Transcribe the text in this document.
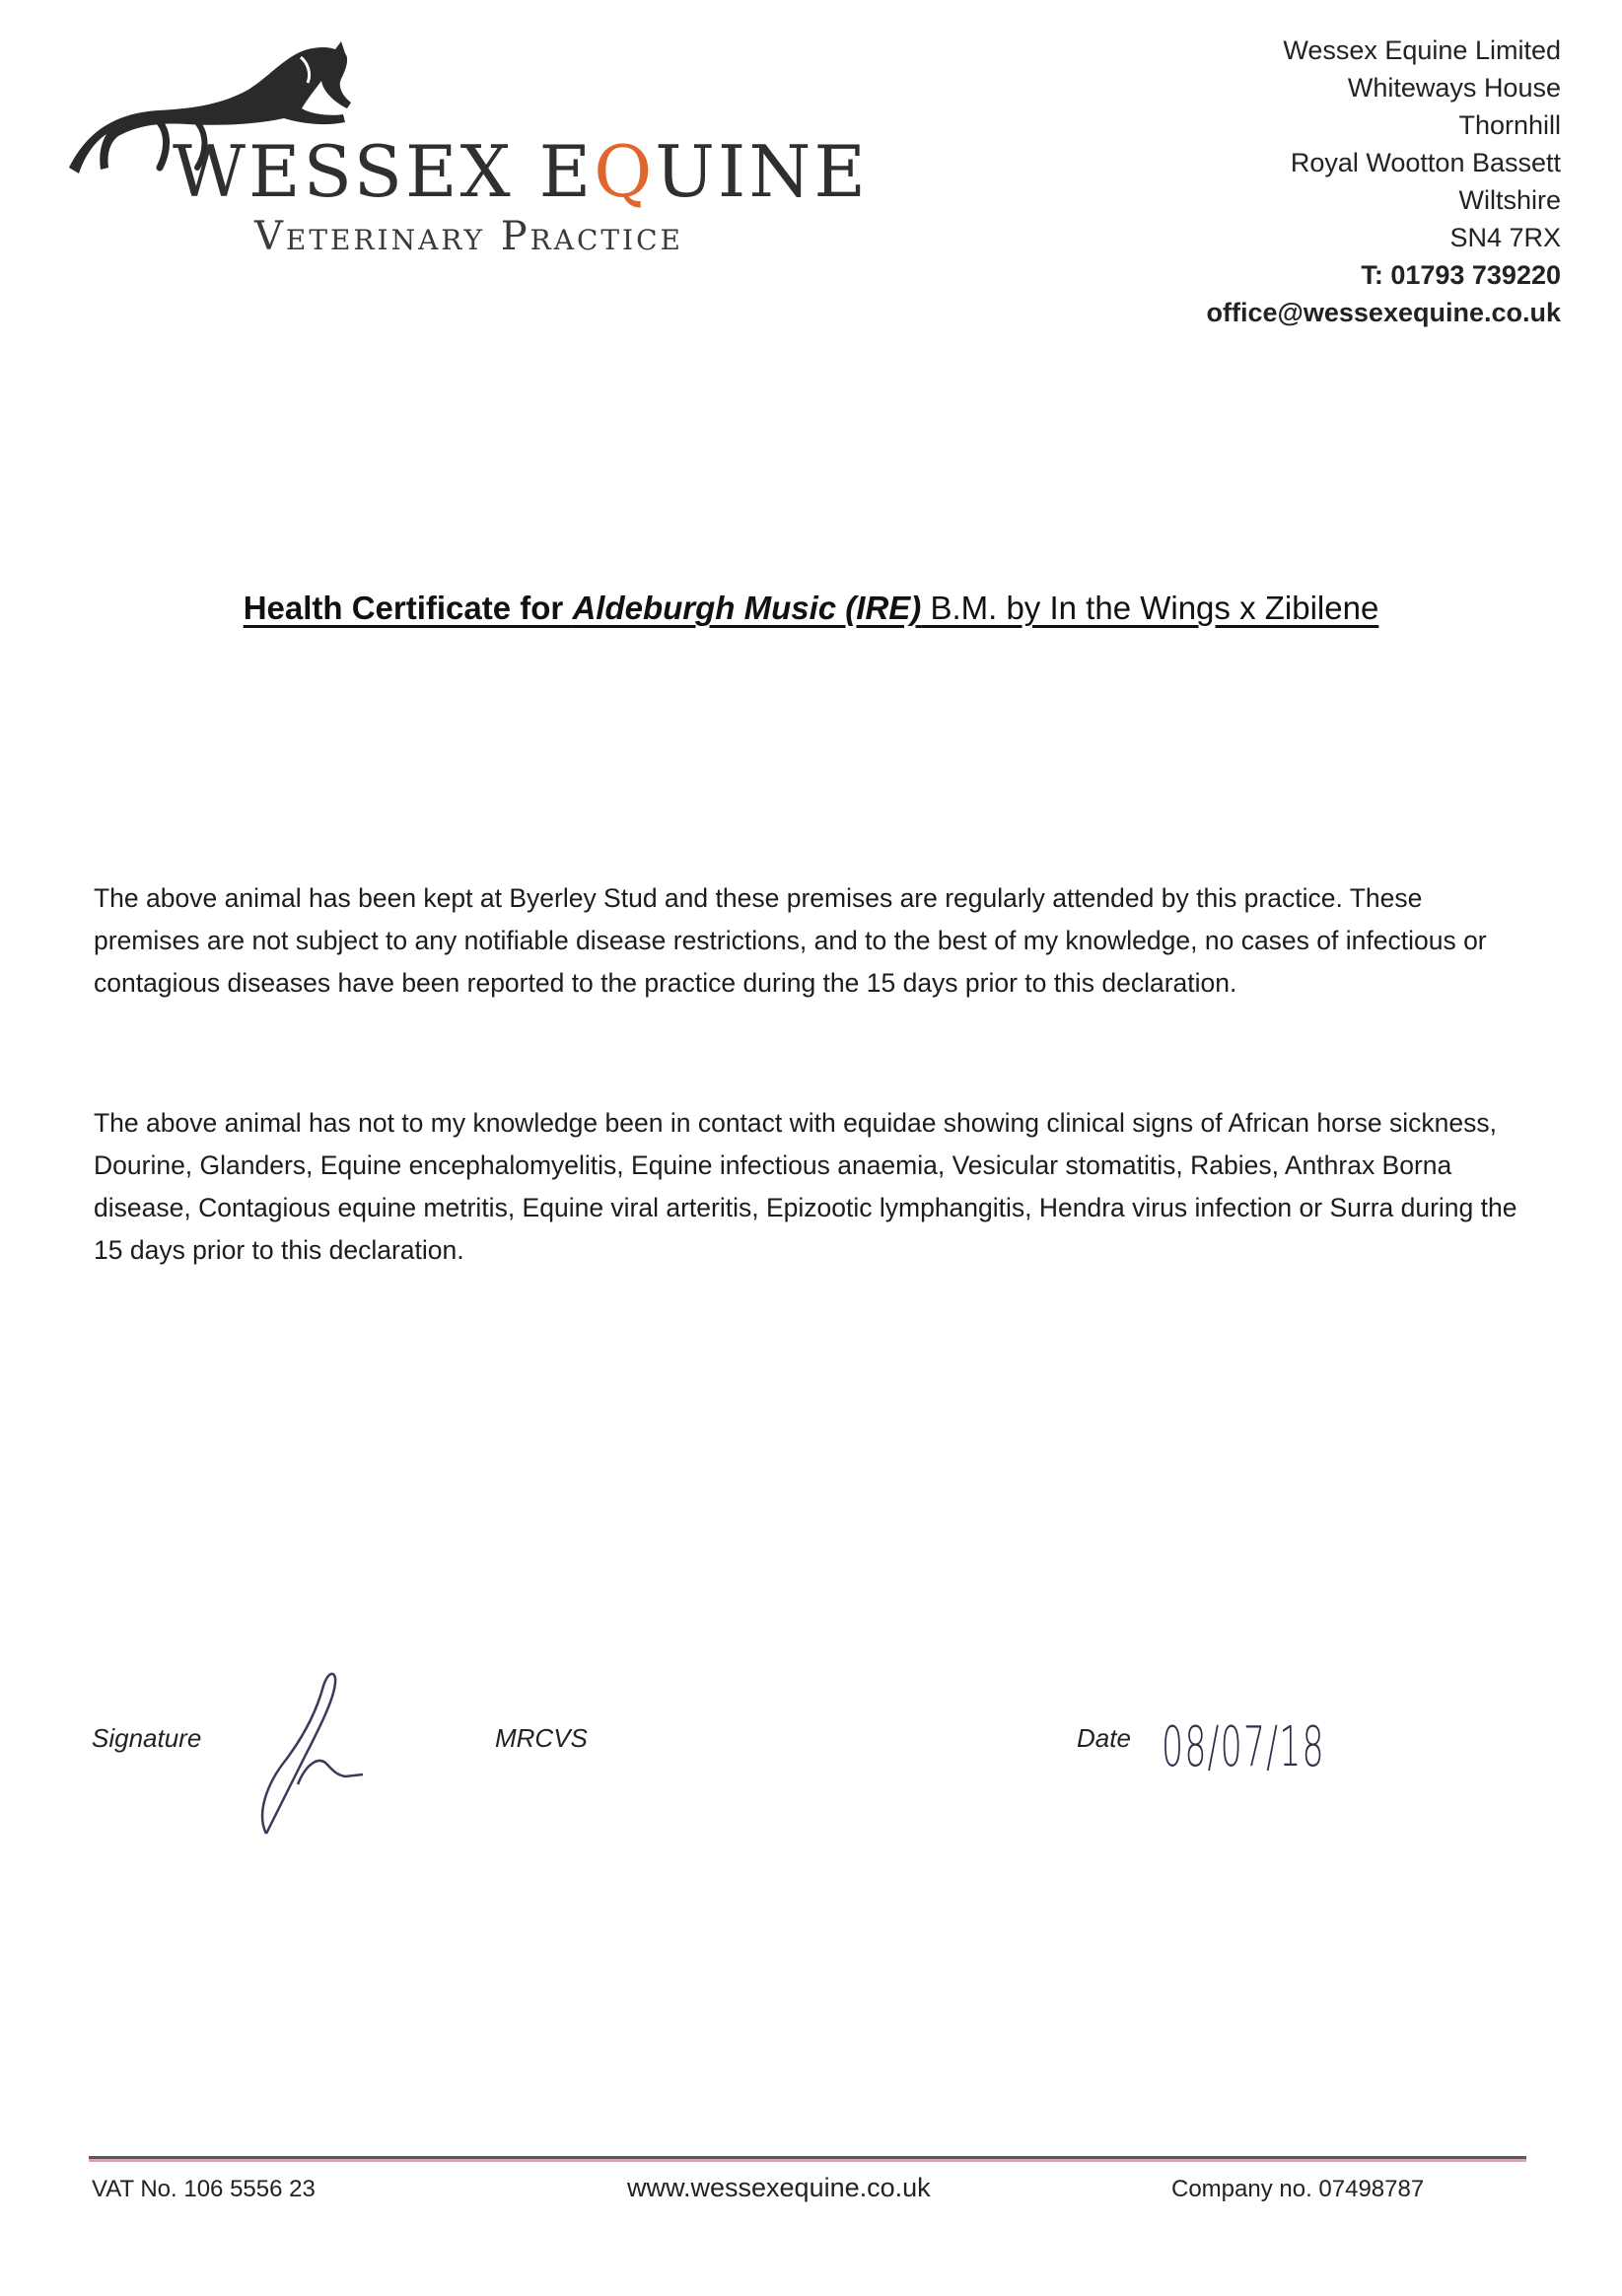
WESSEX EQUINE
Veterinary Practice
Wessex Equine Limited
Whiteways House
Thornhill
Royal Wootton Bassett
Wiltshire
SN4 7RX
T: 01793 739220
office@wessexequine.co.uk
Health Certificate for Aldeburgh Music (IRE) B.M. by In the Wings x Zibilene
The above animal has been kept at Byerley Stud and these premises are regularly attended by this practice. These premises are not subject to any notifiable disease restrictions, and to the best of my knowledge, no cases of infectious or contagious diseases have been reported to the practice during the 15 days prior to this declaration.
The above animal has not to my knowledge been in contact with equidae showing clinical signs of African horse sickness, Dourine, Glanders, Equine encephalomyelitis, Equine infectious anaemia, Vesicular stomatitis, Rabies, Anthrax Borna disease, Contagious equine metritis, Equine viral arteritis, Epizootic lymphangitis, Hendra virus infection or Surra during the 15 days prior to this declaration.
Signature	MRCVS	Date 08/07/18
VAT No. 106 5556 23	www.wessexequine.co.uk	Company no. 07498787
